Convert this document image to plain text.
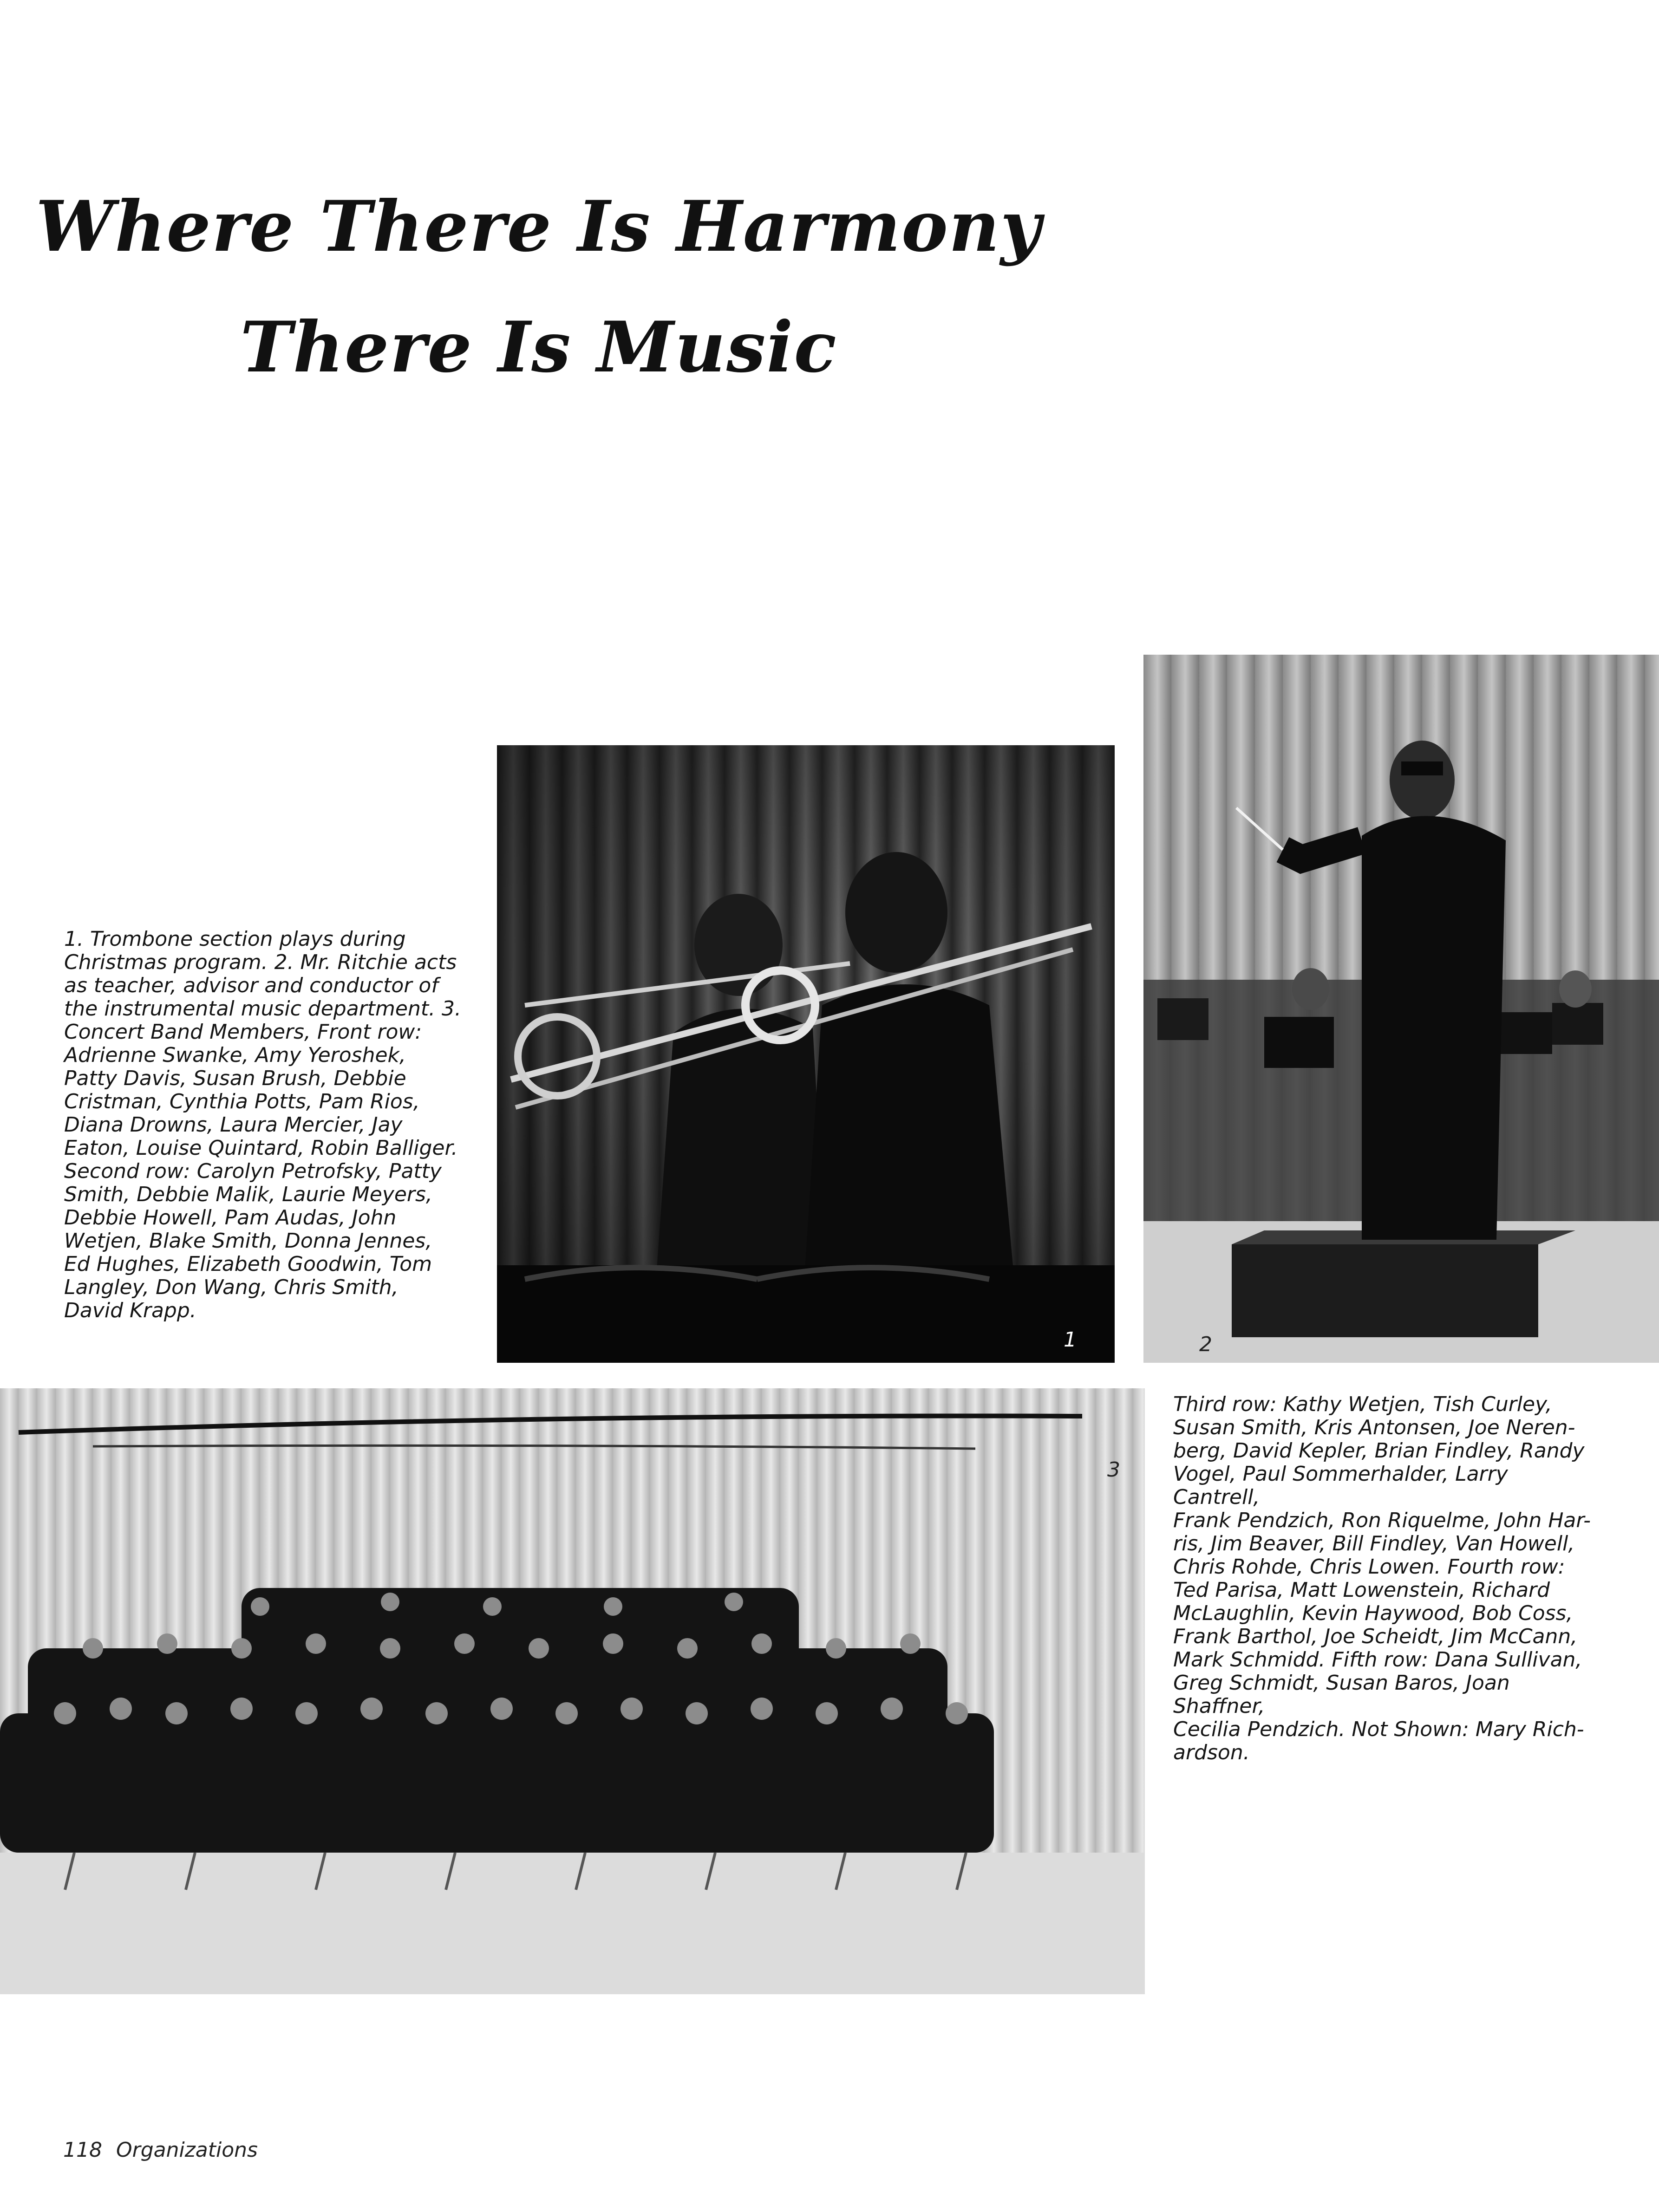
Where There Is Harmony
There Is Music

1. Trombone section plays during

Christmas program. 2. Mr. Ritchie acts

as teacher, advisor and conductor of

the instrumental music department. 3.

Concert Band Members, Front row:

Adrienne Swanke, Amy Yeroshek,

Patty Davis, Susan Brush, Debbie

Cristman, Cynthia Potts, Pam Rios,

Diana Drowns, Laura Mercier, Jay

Eaton, Louise Quintard, Robin Balliger.

Second row: Carolyn Petrofsky, Patty

Smith, Debbie Malik, Laurie Meyers,

Debbie Howell, Pam Audas, John

Wetjen, Blake Smith, Donna Jennes,

Ed Hughes, Elizabeth Goodwin, Tom

Langley, Don Wang, Chris Smith,

David Krapp.

1	2
3

Third row: Kathy Wetjen, Tish Curley,

Susan Smith, Kris Antonsen, Joe Neren-

berg, David Kepler, Brian Findley, Randy

Vogel, Paul Sommerhalder, Larry Cantrell,

Frank Pendzich, Ron Riquelme, John Har-

ris, Jim Beaver, Bill Findley, Van Howell,

Chris Rohde, Chris Lowen. Fourth row:

Ted Parisa, Matt Lowenstein, Richard

McLaughlin, Kevin Haywood, Bob Coss,

Frank Barthol, Joe Scheidt, Jim McCann,

Mark Schmidd. Fifth row: Dana Sullivan,

Greg Schmidt, Susan Baros, Joan Shaffner,

Cecilia Pendzich. Not Shown: Mary Rich-

ardson.

118 Organizations
